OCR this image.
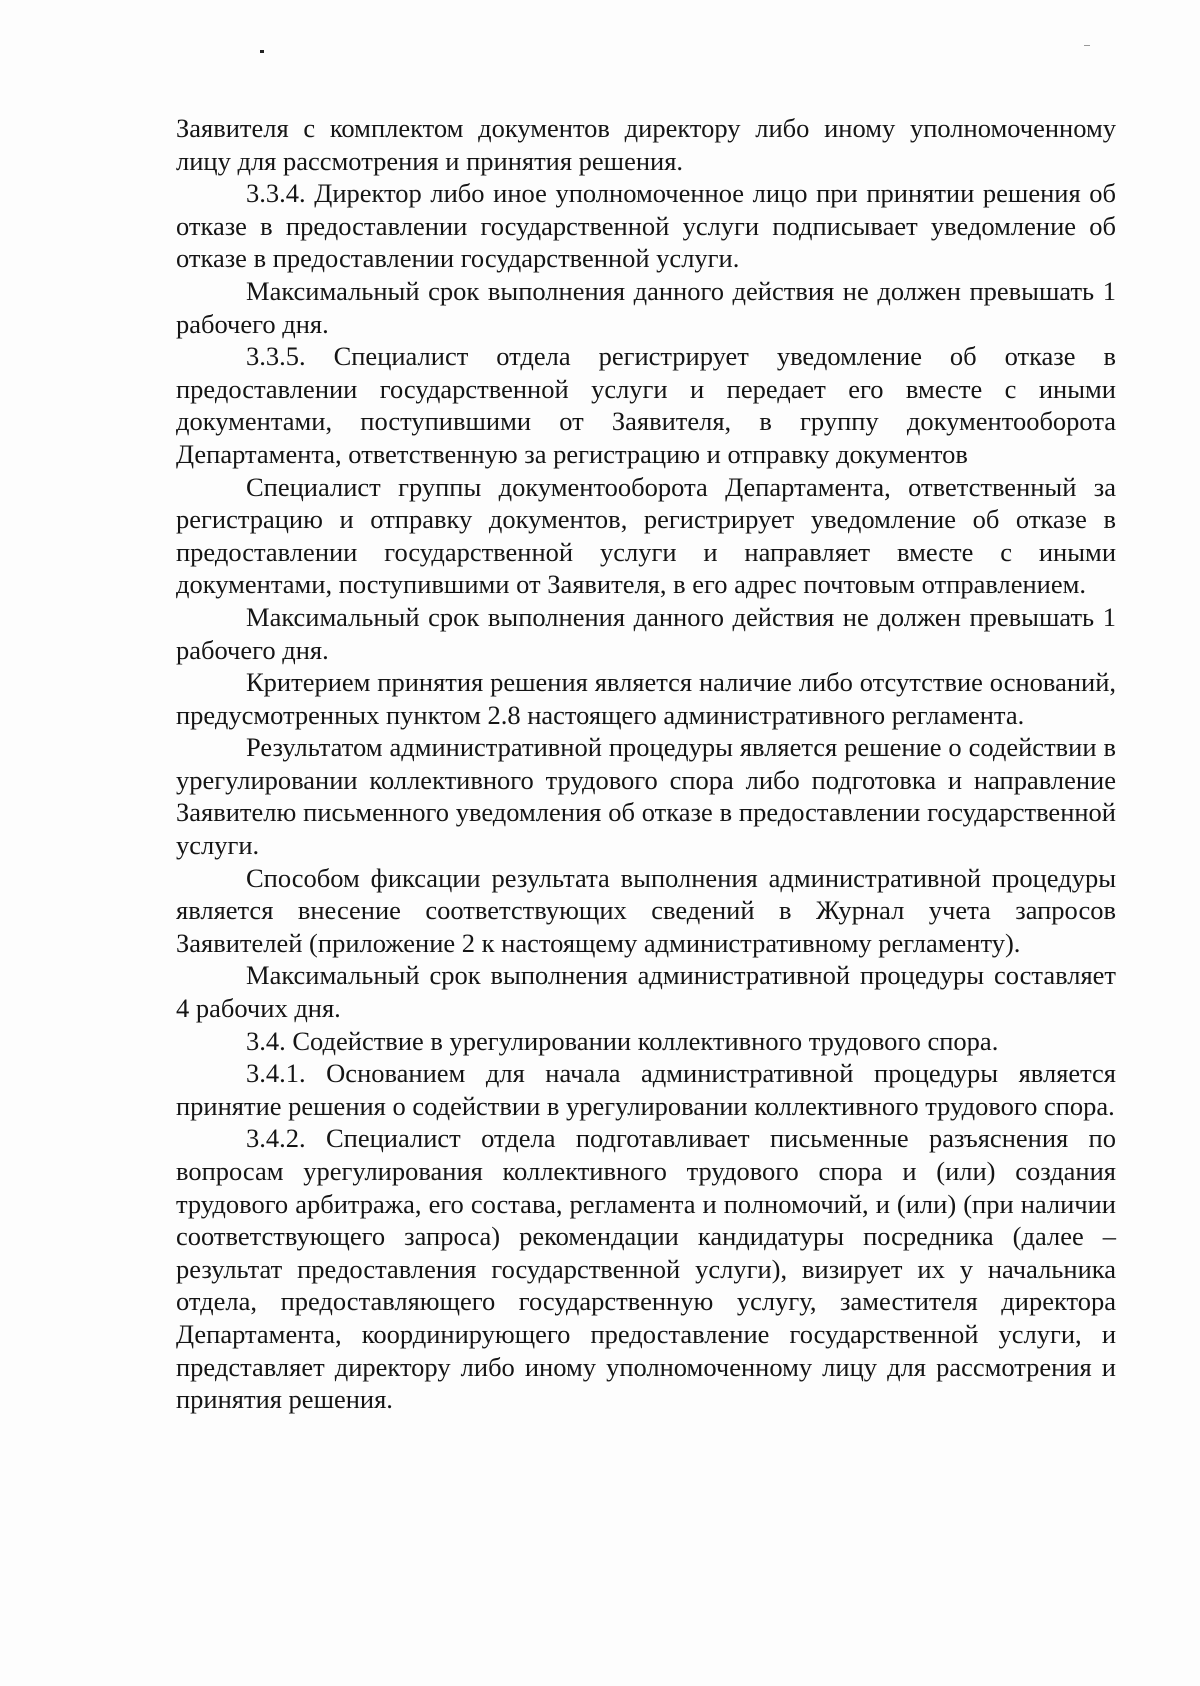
Заявителя с комплектом документов директору либо иному уполномоченному лицу для рассмотрения и принятия решения.

3.3.4. Директор либо иное уполномоченное лицо при принятии решения об отказе в предоставлении государственной услуги подписывает уведомление об отказе в предоставлении государственной услуги.

Максимальный срок выполнения данного действия не должен превышать 1 рабочего дня.

3.3.5. Специалист отдела регистрирует уведомление об отказе в предоставлении государственной услуги и передает его вместе с иными документами, поступившими от Заявителя, в группу документооборота Департамента, ответственную за регистрацию и отправку документов

Специалист группы документооборота Департамента, ответственный за регистрацию и отправку документов, регистрирует уведомление об отказе в предоставлении государственной услуги и направляет вместе с иными документами, поступившими от Заявителя, в его адрес почтовым отправлением.

Максимальный срок выполнения данного действия не должен превышать 1 рабочего дня.

Критерием принятия решения является наличие либо отсутствие оснований, предусмотренных пунктом 2.8 настоящего административного регламента.

Результатом административной процедуры является решение о содействии в урегулировании коллективного трудового спора либо подготовка и направление Заявителю письменного уведомления об отказе в предоставлении государственной услуги.

Способом фиксации результата выполнения административной процедуры является внесение соответствующих сведений в Журнал учета запросов Заявителей (приложение 2 к настоящему административному регламенту).

Максимальный срок выполнения административной процедуры составляет 4 рабочих дня.

3.4. Содействие в урегулировании коллективного трудового спора.

3.4.1. Основанием для начала административной процедуры является принятие решения о содействии в урегулировании коллективного трудового спора.

3.4.2. Специалист отдела подготавливает письменные разъяснения по вопросам урегулирования коллективного трудового спора и (или) создания трудового арбитража, его состава, регламента и полномочий, и (или) (при наличии соответствующего запроса) рекомендации кандидатуры посредника (далее – результат предоставления государственной услуги), визирует их у начальника отдела, предоставляющего государственную услугу, заместителя директора Департамента, координирующего предоставление государственной услуги, и представляет директору либо иному уполномоченному лицу для рассмотрения и принятия решения.
